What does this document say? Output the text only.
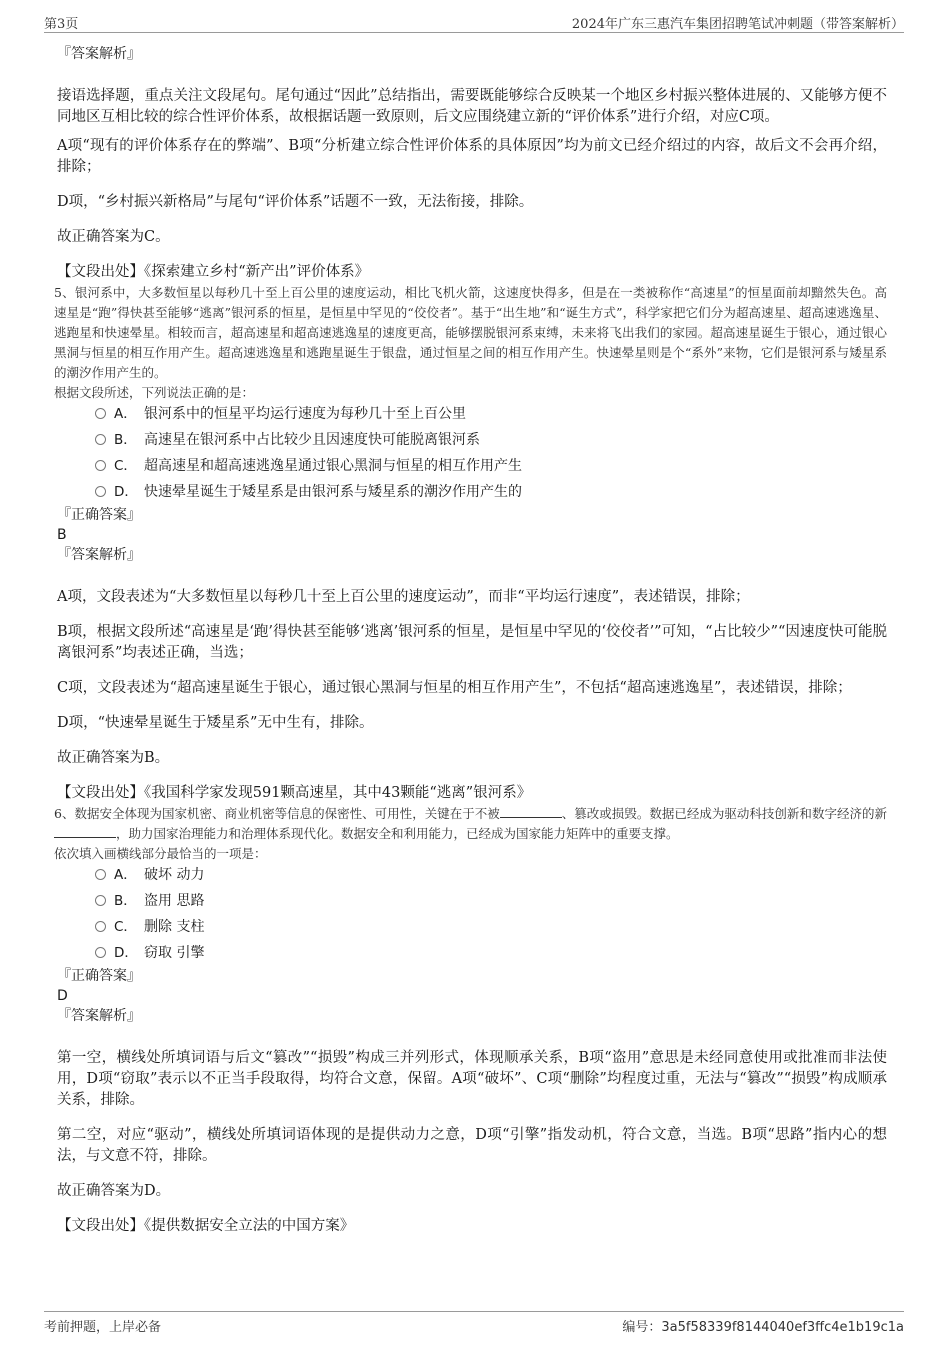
第3页	2024年广东三惠汽车集团招聘笔试冲刺题（带答案解析）

『答案解析』

接语选择题，重点关注文段尾句。尾句通过“因此”总结指出，需要既能够综合反映某一个地区乡村振兴整体进展的、又能够方便不同地区互相比较的综合性评价体系，故根据话题一致原则，后文应围绕建立新的“评价体系”进行介绍，对应C项。

A项“现有的评价体系存在的弊端”、B项“分析建立综合性评价体系的具体原因”均为前文已经介绍过的内容，故后文不会再介绍，排除；

D项，“乡村振兴新格局”与尾句“评价体系”话题不一致，无法衔接，排除。

故正确答案为C。

【文段出处】《探索建立乡村“新产出”评价体系》

5、银河系中，大多数恒星以每秒几十至上百公里的速度运动，相比飞机火箭，这速度快得多，但是在一类被称作“高速星”的恒星面前却黯然失色。高速星是“跑”得快甚至能够“逃离”银河系的恒星，是恒星中罕见的“佼佼者”。基于“出生地”和“诞生方式”，科学家把它们分为超高速星、超高速逃逸星、逃跑星和快速晕星。相较而言，超高速星和超高速逃逸星的速度更高，能够摆脱银河系束缚，未来将飞出我们的家园。超高速星诞生于银心，通过银心黑洞与恒星的相互作用产生。超高速逃逸星和逃跑星诞生于银盘，通过恒星之间的相互作用产生。快速晕星则是个“系外”来物，它们是银河系与矮星系的潮汐作用产生的。

根据文段所述，下列说法正确的是：

A． 银河系中的恒星平均运行速度为每秒几十至上百公里
B． 高速星在银河系中占比较少且因速度快可能脱离银河系
C． 超高速星和超高速逃逸星通过银心黑洞与恒星的相互作用产生
D． 快速晕星诞生于矮星系是由银河系与矮星系的潮汐作用产生的

『正确答案』

B

『答案解析』

A项，文段表述为“大多数恒星以每秒几十至上百公里的速度运动”，而非“平均运行速度”，表述错误，排除；

B项，根据文段所述“高速星是‘跑’得快甚至能够‘逃离’银河系的恒星，是恒星中罕见的‘佼佼者’”可知，“占比较少”“因速度快可能脱离银河系”均表述正确，当选；

C项，文段表述为“超高速星诞生于银心，通过银心黑洞与恒星的相互作用产生”，不包括“超高速逃逸星”，表述错误，排除；

D项，“快速晕星诞生于矮星系”无中生有，排除。

故正确答案为B。

【文段出处】《我国科学家发现591颗高速星，其中43颗能“逃离”银河系》

6、数据安全体现为国家机密、商业机密等信息的保密性、可用性，关键在于不被	、篡改或损毁。数据已经成为驱动科技创新和数字经济的新，助力国家治理能力和治理体系现代化。数据安全和利用能力，已经成为国家能力矩阵中的重要支撑。

依次填入画横线部分最恰当的一项是：

A． 破坏 动力
B． 盗用 思路
C． 删除 支柱
D． 窃取 引擎

『正确答案』

D

『答案解析』

第一空，横线处所填词语与后文“篡改”“损毁”构成三并列形式，体现顺承关系，B项“盗用”意思是未经同意使用或批准而非法使用，D项“窃取”表示以不正当手段取得，均符合文意，保留。A项“破坏”、C项“删除”均程度过重，无法与“篡改”“损毁”构成顺承关系，排除。

第二空，对应“驱动”，横线处所填词语体现的是提供动力之意，D项“引擎”指发动机，符合文意，当选。B项“思路”指内心的想法，与文意不符，排除。

故正确答案为D。

【文段出处】《提供数据安全立法的中国方案》

考前押题，上岸必备	编号：3a5f58339f8144040ef3ffc4e1b19c1a
